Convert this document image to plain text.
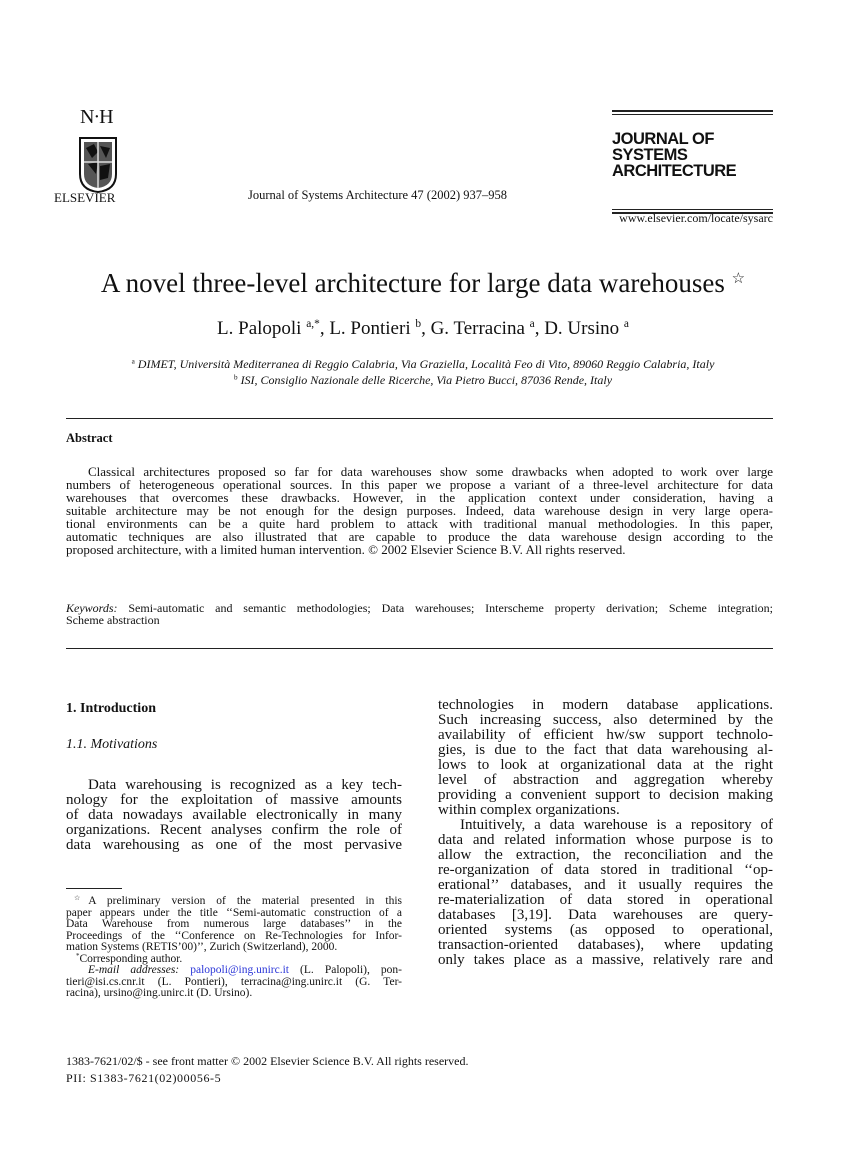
N·H
ELSEVIER	Journal of Systems Architecture 47 (2002) 937–958
JOURNAL OF
SYSTEMS
ARCHITECTURE
www.elsevier.com/locate/sysarc
A novel three-level architecture for large data warehouses ☆
L. Palopoli $^{a,*}$, L. Pontieri $^b$, G. Terracina $^a$, D. Ursino $^a$
$^a$ DIMET, Università Mediterranea di Reggio Calabria, Via Graziella, Località Feo di Vito, 89060 Reggio Calabria, Italy
$^b$ ISI, Consiglio Nazionale delle Ricerche, Via Pietro Bucci, 87036 Rende, Italy
Abstract
Classical architectures proposed so far for data warehouses show some drawbacks when adopted to work over large
numbers of heterogeneous operational sources. In this paper we propose a variant of a three-level architecture for data
warehouses that overcomes these drawbacks. However, in the application context under consideration, having a
suitable architecture may be not enough for the design purposes. Indeed, data warehouse design in very large opera-
tional environments can be a quite hard problem to attack with traditional manual methodologies. In this paper,
automatic techniques are also illustrated that are capable to produce the data warehouse design according to the
proposed architecture, with a limited human intervention. © 2002 Elsevier Science B.V. All rights reserved.
Keywords: Semi-automatic and semantic methodologies; Data warehouses; Interscheme property derivation; Scheme integration;
Scheme abstraction
1. Introduction
1.1. Motivations
Data warehousing is recognized as a key tech-
nology for the exploitation of massive amounts
of data nowadays available electronically in many
organizations. Recent analyses confirm the role of
data warehousing as one of the most pervasive
technologies in modern database applications.
Such increasing success, also determined by the
availability of efficient hw/sw support technolo-
gies, is due to the fact that data warehousing al-
lows to look at organizational data at the right
level of abstraction and aggregation whereby
providing a convenient support to decision making
within complex organizations.
Intuitively, a data warehouse is a repository of
data and related information whose purpose is to
allow the extraction, the reconciliation and the
re-organization of data stored in traditional ‘‘op-
erational’’ databases, and it usually requires the
re-materialization of data stored in operational
databases [3,19]. Data warehouses are query-
oriented systems (as opposed to operational,
transaction-oriented databases), where updating
only takes place as a massive, relatively rare and
☆A preliminary version of the material presented in this
paper appears under the title ‘‘Semi-automatic construction of a
Data Warehouse from numerous large databases’’ in the
Proceedings of the ‘‘Conference on Re-Technologies for Infor-
mation Systems (RETIS’00)’’, Zurich (Switzerland), 2000.
*Corresponding author.
E-mail addresses: palopoli@ing.unirc.it (L. Palopoli), pon-
tieri@isi.cs.cnr.it (L. Pontieri), terracina@ing.unirc.it (G. Ter-
racina), ursino@ing.unirc.it (D. Ursino).
1383-7621/02/$ - see front matter © 2002 Elsevier Science B.V. All rights reserved.
PII: S1383-7621(02)00056-5
